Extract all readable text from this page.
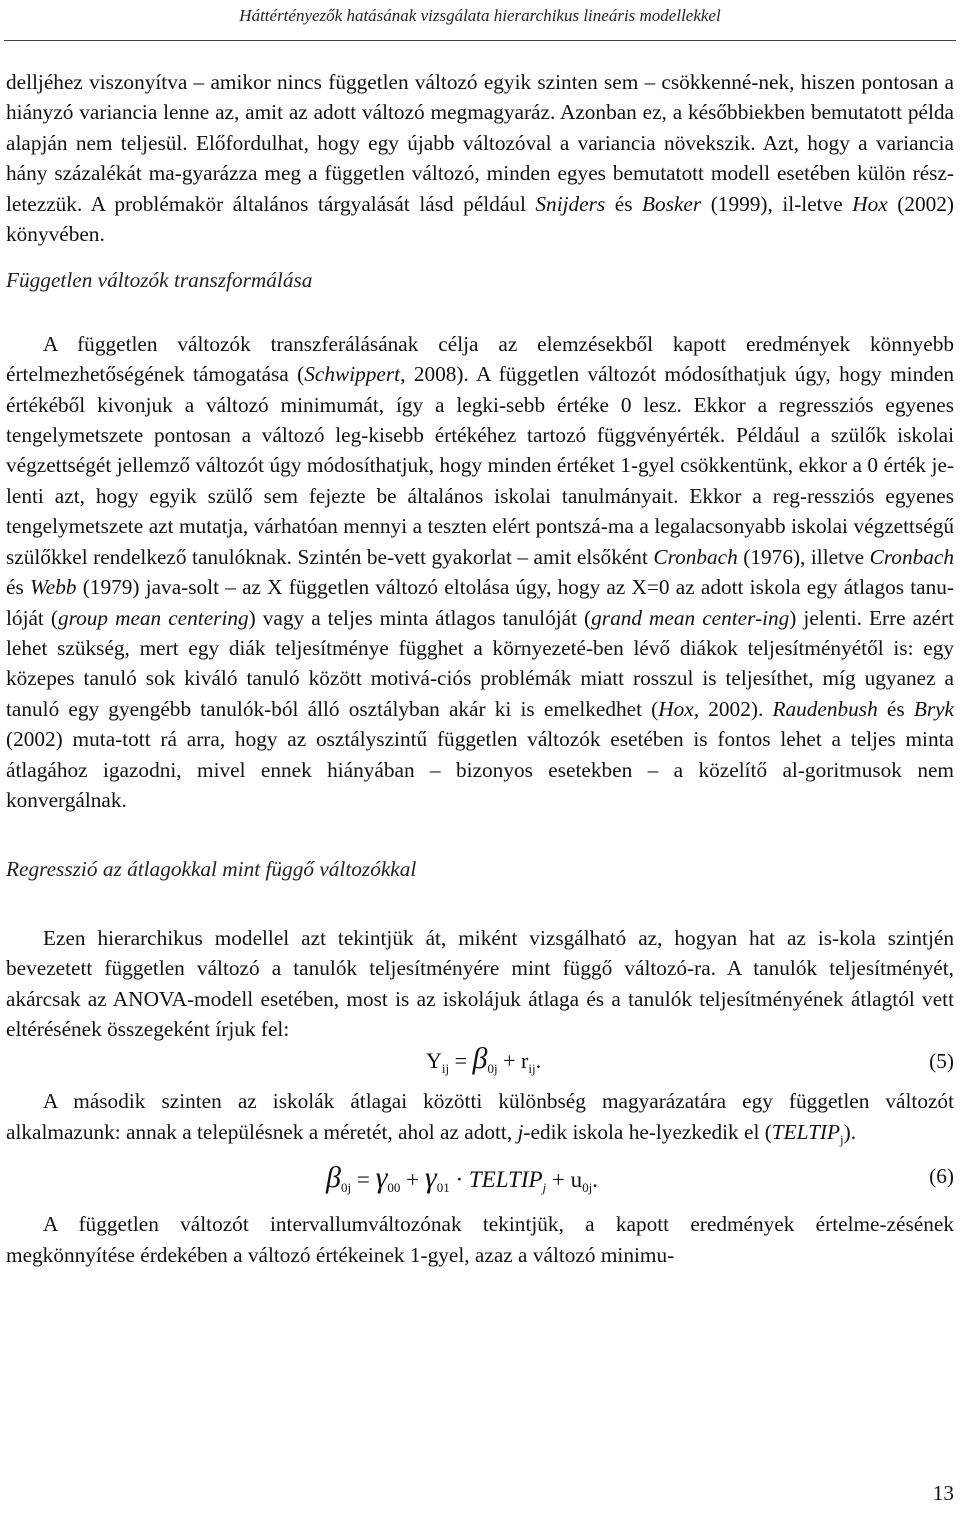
Háttértényezők hatásának vizsgálata hierarchikus lineáris modellekkel

delljéhez viszonyítva – amikor nincs független változó egyik szinten sem – csökkenné-nek, hiszen pontosan a hiányzó variancia lenne az, amit az adott változó megmagyaráz. Azonban ez, a későbbiekben bemutatott példa alapján nem teljesül. Előfordulhat, hogy egy újabb változóval a variancia növekszik. Azt, hogy a variancia hány százalékát ma-gyarázza meg a független változó, minden egyes bemutatott modell esetében külön rész-letezzük. A problémakör általános tárgyalását lásd például Snijders és Bosker (1999), il-letve Hox (2002) könyvében.

Független változók transzformálása

A független változók transzferálásának célja az elemzésekből kapott eredmények könnyebb értelmezhetőségének támogatása (Schwippert, 2008). A független változót módosíthatjuk úgy, hogy minden értékéből kivonjuk a változó minimumát, így a legki-sebb értéke 0 lesz. Ekkor a regressziós egyenes tengelymetszete pontosan a változó leg-kisebb értékéhez tartozó függvényérték. Például a szülők iskolai végzettségét jellemző változót úgy módosíthatjuk, hogy minden értéket 1-gyel csökkentünk, ekkor a 0 érték je-lenti azt, hogy egyik szülő sem fejezte be általános iskolai tanulmányait. Ekkor a reg-ressziós egyenes tengelymetszete azt mutatja, várhatóan mennyi a teszten elért pontszá-ma a legalacsonyabb iskolai végzettségű szülőkkel rendelkező tanulóknak. Szintén be-vett gyakorlat – amit elsőként Cronbach (1976), illetve Cronbach és Webb (1979) java-solt – az X független változó eltolása úgy, hogy az X=0 az adott iskola egy átlagos tanu-lóját (group mean centering) vagy a teljes minta átlagos tanulóját (grand mean center-ing) jelenti. Erre azért lehet szükség, mert egy diák teljesítménye függhet a környezeté-ben lévő diákok teljesítményétől is: egy közepes tanuló sok kiváló tanuló között motivá-ciós problémák miatt rosszul is teljesíthet, míg ugyanez a tanuló egy gyengébb tanulók-ból álló osztályban akár ki is emelkedhet (Hox, 2002). Raudenbush és Bryk (2002) muta-tott rá arra, hogy az osztályszintű független változók esetében is fontos lehet a teljes minta átlagához igazodni, mivel ennek hiányában – bizonyos esetekben – a közelítő al-goritmusok nem konvergálnak.

Regresszió az átlagokkal mint függő változókkal

Ezen hierarchikus modellel azt tekintjük át, miként vizsgálható az, hogyan hat az is-kola szintjén bevezetett független változó a tanulók teljesítményére mint függő változó-ra. A tanulók teljesítményét, akárcsak az ANOVA-modell esetében, most is az iskolájuk átlaga és a tanulók teljesítményének átlagtól vett eltérésének összegeként írjuk fel:

$Y_{ij} = \beta_{0j} + r_{ij}$.	(5)

A második szinten az iskolák átlagai közötti különbség magyarázatára egy független változót alkalmazunk: annak a településnek a méretét, ahol az adott, j-edik iskola he-lyezkedik el $(TELTIP_j)$.

$\beta_{0j} = \gamma_{00} + \gamma_{01}$ · $TELTIP_j + u_{0j}$.	(6)

A független változót intervallumváltozónak tekintjük, a kapott eredmények értelme-zésének megkönnyítése érdekében a változó értékeinek 1-gyel, azaz a változó minimu-

13
